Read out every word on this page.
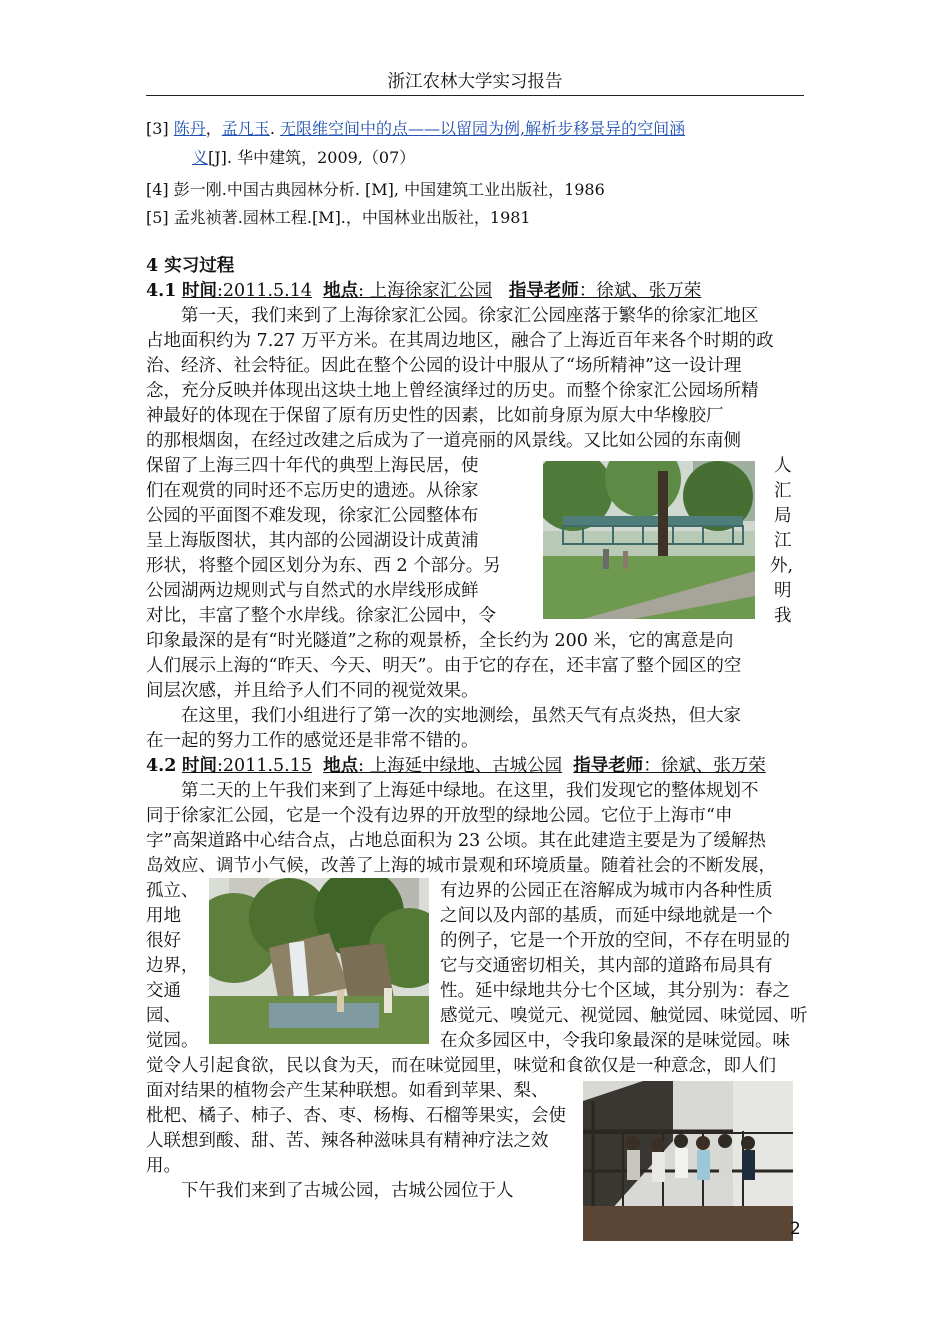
浙江农林大学实习报告
[3] 陈丹，孟凡玉. 无限维空间中的点——以留园为例,解析步移景异的空间涵
义[J]. 华中建筑，2009,（07）
[4] 彭一刚.中国古典园林分析. [M], 中国建筑工业出版社，1986
[5] 孟兆祯著.园林工程.[M].，中国林业出版社，1981
4 实习过程
4.1 时间:2011.5.14 地点: 上海徐家汇公园 指导老师：徐斌、张万荣
第一天，我们来到了上海徐家汇公园。徐家汇公园座落于繁华的徐家汇地区
占地面积约为 7.27 万平方米。在其周边地区，融合了上海近百年来各个时期的政
治、经济、社会特征。因此在整个公园的设计中服从了“场所精神”这一设计理
念，充分反映并体现出这块土地上曾经演绎过的历史。而整个徐家汇公园场所精
神最好的体现在于保留了原有历史性的因素，比如前身原为原大中华橡胶厂
的那根烟囱，在经过改建之后成为了一道亮丽的风景线。又比如公园的东南侧
保留了上海三四十年代的典型上海民居，使	人
们在观赏的同时还不忘历史的遗迹。从徐家	汇
公园的平面图不难发现，徐家汇公园整体布	局
呈上海版图状，其内部的公园湖设计成黄浦	江
形状，将整个园区划分为东、西 2 个部分。另	外,
公园湖两边规则式与自然式的水岸线形成鲜	明
对比，丰富了整个水岸线。徐家汇公园中，令	我
印象最深的是有“时光隧道”之称的观景桥，全长约为 200 米，它的寓意是向
人们展示上海的“昨天、今天、明天”。由于它的存在，还丰富了整个园区的空
间层次感，并且给予人们不同的视觉效果。
在这里，我们小组进行了第一次的实地测绘，虽然天气有点炎热，但大家
在一起的努力工作的感觉还是非常不错的。
4.2 时间:2011.5.15 地点: 上海延中绿地、古城公园 指导老师：徐斌、张万荣
第二天的上午我们来到了上海延中绿地。在这里，我们发现它的整体规划不
同于徐家汇公园，它是一个没有边界的开放型的绿地公园。它位于上海市“申
字”高架道路中心结合点，占地总面积为 23 公顷。其在此建造主要是为了缓解热
岛效应、调节小气候，改善了上海的城市景观和环境质量。随着社会的不断发展，
孤立、	有边界的公园正在溶解成为城市内各种性质
用地	之间以及内部的基质，而延中绿地就是一个
很好	的例子，它是一个开放的空间，不存在明显的
边界，	它与交通密切相关，其内部的道路布局具有
交通	性。延中绿地共分七个区域，其分别为：春之
园、	感觉元、嗅觉元、视觉园、触觉园、味觉园、听
觉园。	在众多园区中，令我印象最深的是味觉园。味
觉令人引起食欲，民以食为天，而在味觉园里，味觉和食欲仅是一种意念，即人们
面对结果的植物会产生某种联想。如看到苹果、梨、
枇杷、橘子、柿子、杏、枣、杨梅、石榴等果实，会使
人联想到酸、甜、苦、辣各种滋味具有精神疗法之效
用。
下午我们来到了古城公园，古城公园位于人
2
